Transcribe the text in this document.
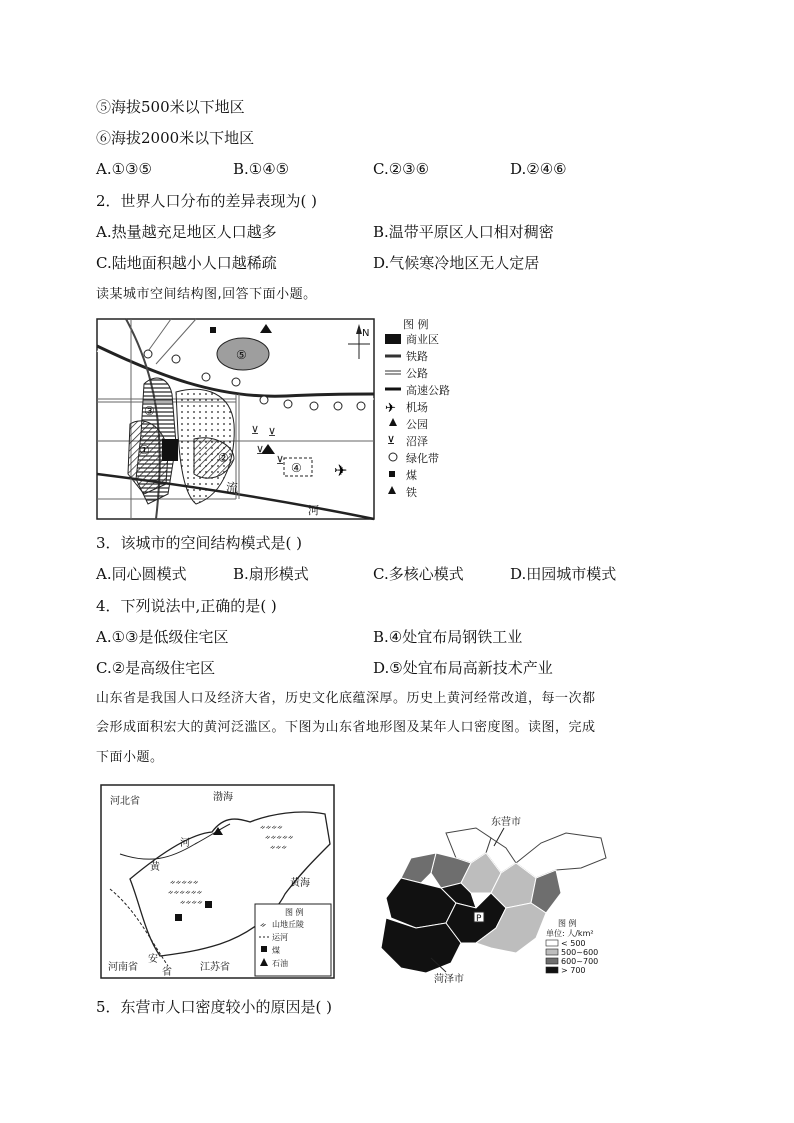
⑤海拔500米以下地区
⑥海拔2000米以下地区
A.①③⑤	B.①④⑤	C.②③⑥	D.②④⑥
2．世界人口分布的差异表现为( )
A.热量越充足地区人口越多	B.温带平原区人口相对稠密
C.陆地面积越小人口越稀疏	D.气候寒冷地区无人定居
读某城市空间结构图,回答下面小题。
✈
⊻ ⊻
⊻
⊻
①
②
③
④
⑤
N
流
河
图 例
✈
⊻
商业区
铁路
公路
高速公路
机场
公园
沼泽
绿化带
煤
铁
3．该城市的空间结构模式是( )
A.同心圆模式	B.扇形模式	C.多核心模式	D.田园城市模式
4．下列说法中,正确的是( )
A.①③是低级住宅区	B.④处宜布局钢铁工业
C.②是高级住宅区	D.⑤处宜布局高新技术产业
山东省是我国人口及经济大省，历史文化底蕴深厚。历史上黄河经常改道，每一次都
会形成面积宏大的黄河泛滥区。下图为山东省地形图及某年人口密度图。读图，完成
下面小题。
ᨀᨀᨀᨀᨀ
ᨀᨀᨀᨀᨀᨀ
ᨀᨀᨀᨀ
ᨀᨀᨀᨀ
ᨀᨀᨀᨀᨀ
ᨀᨀᨀ
河北省	渤海
河
黄
黄海
河南省
安
省	江苏省
图 例
ᨀ 山地丘陵
运河
煤
石油
P
东营市
菏泽市
图 例
单位: 人/km²
< 500
500~600
600~700
> 700
5．东营市人口密度较小的原因是( )
